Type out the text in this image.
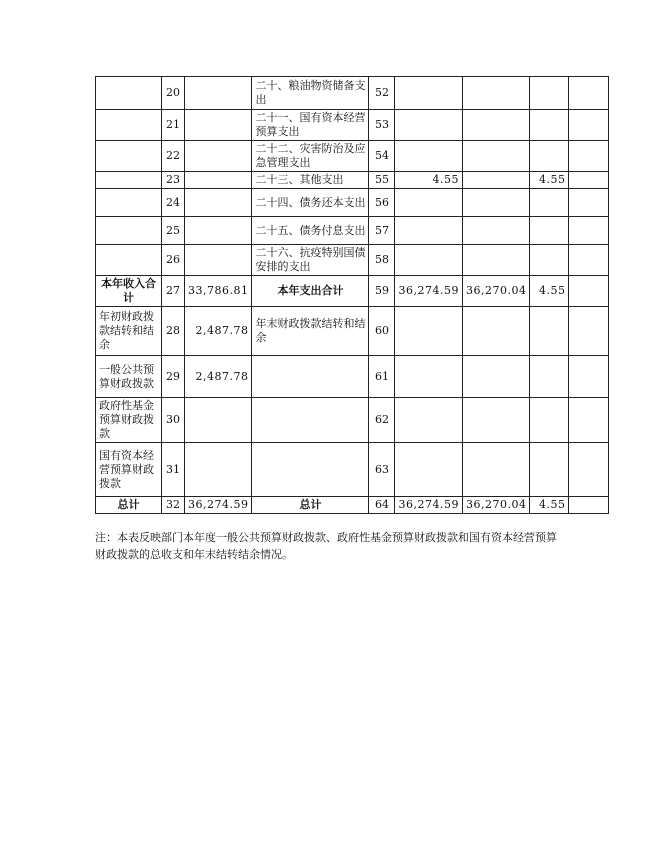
	20		二十、粮油物资储备支出	52				
	21		二十一、国有资本经营预算支出	53				
	22		二十二、灾害防治及应急管理支出	54				
	23		二十三、其他支出	55	4.55		4.55	
	24		二十四、债务还本支出	56				
	25		二十五、债务付息支出	57				
	26		二十六、抗疫特别国债安排的支出	58				
本年收入合计	27	33,786.81	本年支出合计	59	36,274.59	36,270.04	4.55	
年初财政拨款结转和结余	28	2,487.78	年末财政拨款结转和结余	60				
一般公共预算财政拨款	29	2,487.78		61				
政府性基金预算财政拨款	30			62				
国有资本经营预算财政拨款	31			63				
总计	32	36,274.59	总计	64	36,274.59	36,270.04	4.55	
注：本表反映部门本年度一般公共预算财政拨款、政府性基金预算财政拨款和国有资本经营预算财政拨款的总收支和年末结转结余情况。
